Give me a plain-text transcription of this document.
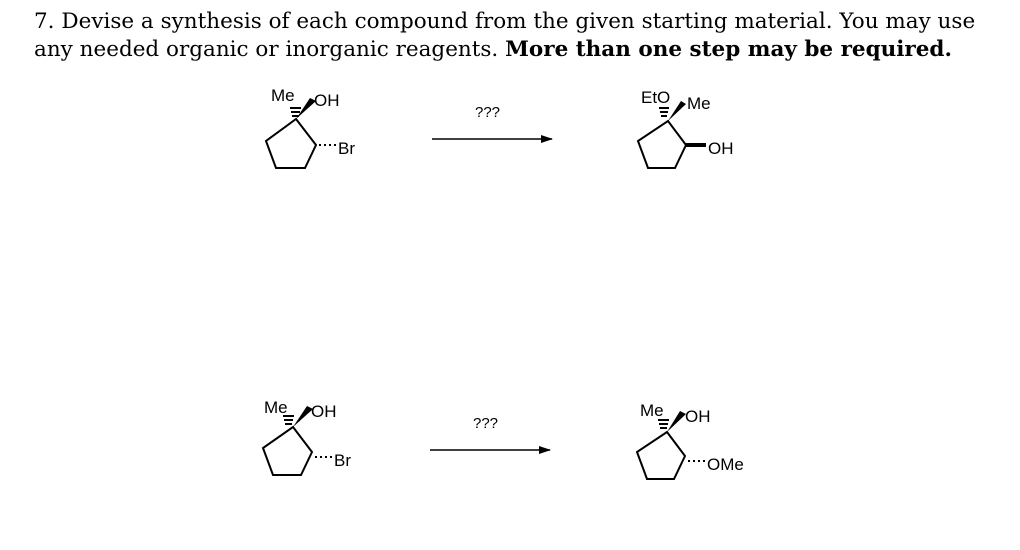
7. Devise a synthesis of each compound from the given starting material. You may use any needed organic or inorganic reagents. More than one step may be required.
Me OH
Br
???
EtO Me
OH
Me OH
Br
???
Me OH
OMe
